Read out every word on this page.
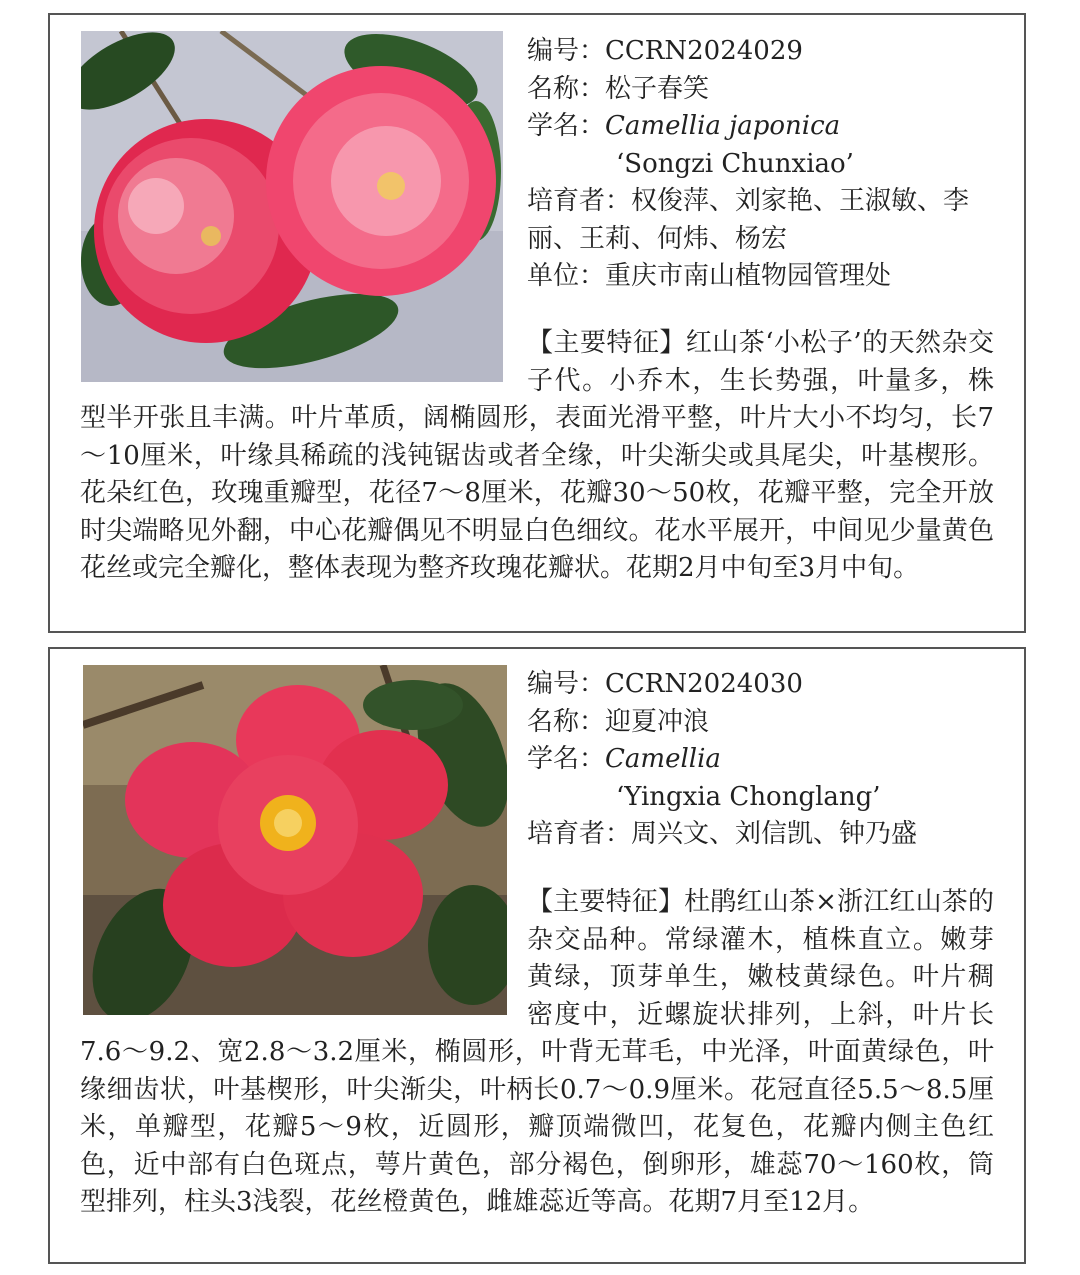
编号：CCRN2024029
名称：松子春笑
学名：Camellia japonica
‘Songzi Chunxiao’
培育者：权俊萍、刘家艳、王淑敏、李丽、王莉、何炜、杨宏
单位：重庆市南山植物园管理处
【主要特征】红山茶‘小松子’的天然杂交子代。小乔木，生长势强，叶量多，株型半开张且丰满。叶片革质，阔椭圆形，表面光滑平整，叶片大小不均匀，长7～10厘米，叶缘具稀疏的浅钝锯齿或者全缘，叶尖渐尖或具尾尖，叶基楔形。花朵红色，玫瑰重瓣型，花径7～8厘米，花瓣30～50枚，花瓣平整，完全开放时尖端略见外翻，中心花瓣偶见不明显白色细纹。花水平展开，中间见少量黄色花丝或完全瓣化，整体表现为整齐玫瑰花瓣状。花期2月中旬至3月中旬。
编号：CCRN2024030
名称：迎夏冲浪
学名：Camellia
‘Yingxia Chonglang’
培育者：周兴文、刘信凯、钟乃盛
【主要特征】杜鹃红山茶×浙江红山茶的杂交品种。常绿灌木，植株直立。嫩芽黄绿，顶芽单生，嫩枝黄绿色。叶片稠密度中，近螺旋状排列，上斜，叶片长7.6～9.2、宽2.8～3.2厘米，椭圆形，叶背无茸毛，中光泽，叶面黄绿色，叶缘细齿状，叶基楔形，叶尖渐尖，叶柄长0.7～0.9厘米。花冠直径5.5～8.5厘米，单瓣型，花瓣5～9枚，近圆形，瓣顶端微凹，花复色，花瓣内侧主色红色，近中部有白色斑点，萼片黄色，部分褐色，倒卵形，雄蕊70～160枚，筒型排列，柱头3浅裂，花丝橙黄色，雌雄蕊近等高。花期7月至12月。
